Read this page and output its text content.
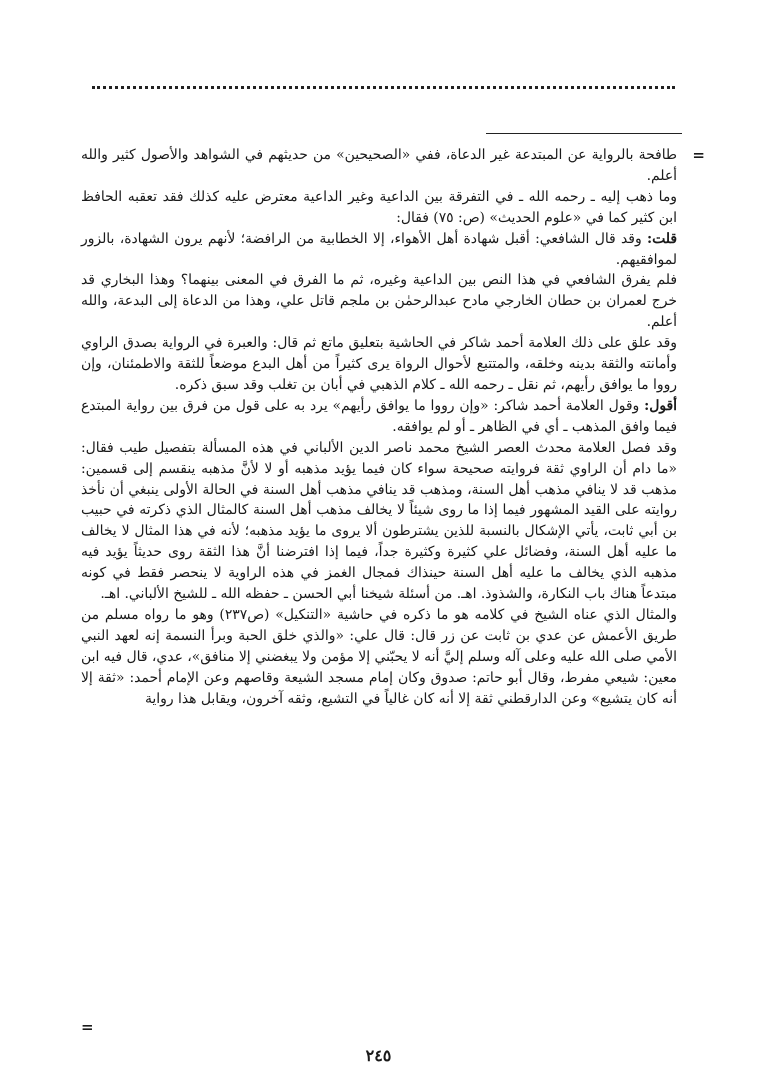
=

طافحة بالرواية عن المبتدعة غير الدعاة، ففي «الصحيحين» من حديثهم في الشواهد والأصول كثير والله أعلم.

وما ذهب إليه ـ رحمه الله ـ في التفرقة بين الداعية وغير الداعية معترض عليه كذلك فقد تعقبه الحافظ ابن كثير كما في «علوم الحديث» (ص: ٧٥) فقال:

قلت: وقد قال الشافعي: أقبل شهادة أهل الأهواء، إلا الخطابية من الرافضة؛ لأنهم يرون الشهادة، بالزور لموافقيهم.

فلم يفرق الشافعي في هذا النص بين الداعية وغيره، ثم ما الفرق في المعنى بينهما؟ وهذا البخاري قد خرج لعمران بن حطان الخارجي مادح عبدالرحمٰن بن ملجم قاتل علي، وهذا من الدعاة إلى البدعة، والله أعلم.

وقد علق على ذلك العلامة أحمد شاكر في الحاشية بتعليق ماتع ثم قال: والعبرة في الرواية بصدق الراوي وأمانته والثقة بدينه وخلقه، والمتتبع لأحوال الرواة يرى كثيراً من أهل البدع موضعاً للثقة والاطمئنان، وإن رووا ما يوافق رأيهم، ثم نقل ـ رحمه الله ـ كلام الذهبي في أبان بن تغلب وقد سبق ذكره.

أقول: وقول العلامة أحمد شاكر: «وإن رووا ما يوافق رأيهم» يرد به على قول من فرق بين رواية المبتدع فيما وافق المذهب ـ أي في الظاهر ـ أو لم يوافقه.

وقد فصل العلامة محدث العصر الشيخ محمد ناصر الدين الألباني في هذه المسألة بتفصيل طيب فقال: «ما دام أن الراوي ثقة فروايته صحيحة سواء كان فيما يؤيد مذهبه أو لا لأنَّ مذهبه ينقسم إلى قسمين: مذهب قد لا ينافي مذهب أهل السنة، ومذهب قد ينافي مذهب أهل السنة في الحالة الأولى ينبغي أن نأخذ روايته على القيد المشهور فيما إذا ما روى شيئاً لا يخالف مذهب أهل السنة كالمثال الذي ذكرته في حبيب بن أبي ثابت، يأتي الإشكال بالنسبة للذين يشترطون ألا يروى ما يؤيد مذهبه؛ لأنه في هذا المثال لا يخالف ما عليه أهل السنة، وفضائل علي كثيرة وكثيرة جداً، فيما إذا افترضنا أنَّ هذا الثقة روى حديثاً يؤيد فيه مذهبه الذي يخالف ما عليه أهل السنة حينذاك فمجال الغمز في هذه الراوية لا ينحصر فقط في كونه مبتدعاً هناك باب النكارة، والشذوذ. اهـ. من أسئلة شيخنا أبي الحسن ـ حفظه الله ـ للشيخ الألباني. اهـ.

والمثال الذي عناه الشيخ في كلامه هو ما ذكره في حاشية «التنكيل» (ص٢٣٧) وهو ما رواه مسلم من طريق الأعمش عن عدي بن ثابت عن زر قال: قال علي: «والذي خلق الحبة وبرأ النسمة إنه لعهد النبي الأمي صلى الله عليه وعلى آله وسلم إليَّ أنه لا يحبّني إلا مؤمن ولا يبغضني إلا منافق»، عدي، قال فيه ابن معين: شيعي مفرط، وقال أبو حاتم: صدوق وكان إمام مسجد الشيعة وقاصهم وعن الإمام أحمد: «ثقة إلا أنه كان يتشيع» وعن الدارقطني ثقة إلا أنه كان غالياً في التشيع، وثقه آخرون، ويقابل هذا رواية

=
٢٤٥
